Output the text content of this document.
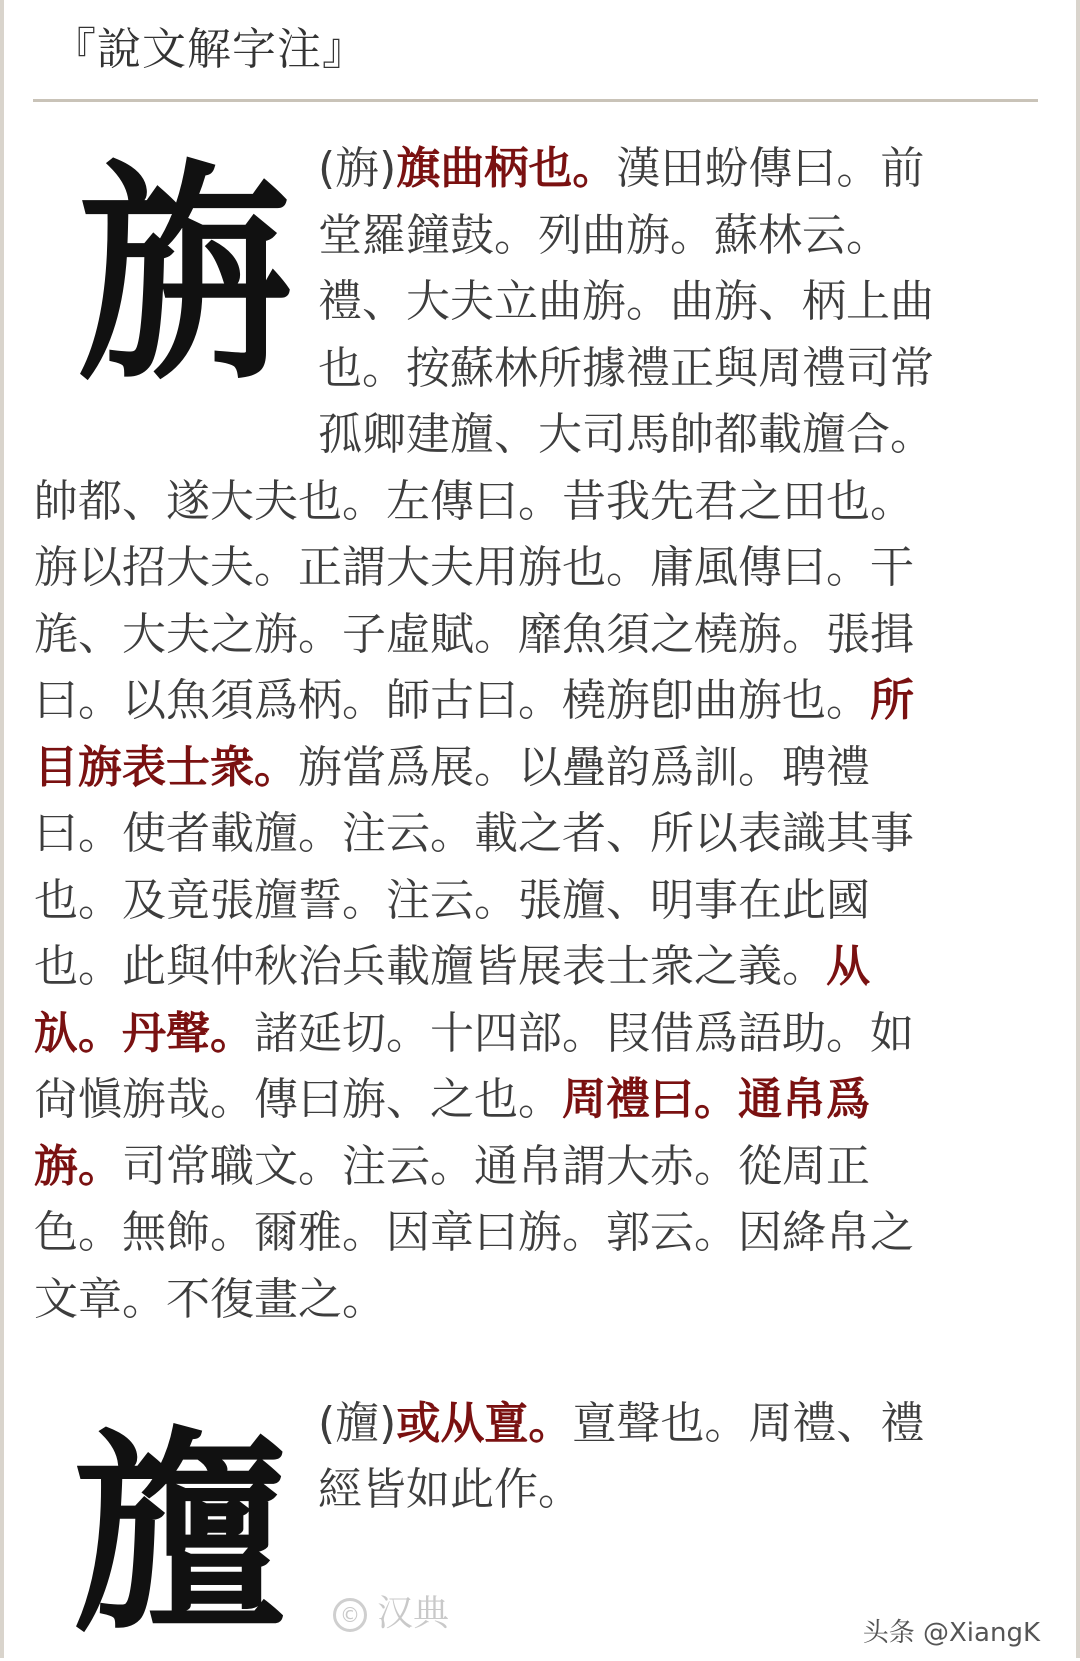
『說文解字注』
旃 (旃)旗曲柄也。漢田蚡傳曰。前
堂羅鐘鼓。列曲旃。蘇林云。
禮、大夫立曲旃。曲旃、柄上曲
也。按蘇林所據禮正與周禮司常
孤卿建旜、大司馬帥都載旜合。
帥都、遂大夫也。左傳曰。昔我先君之田也。
旃以招大夫。正謂大夫用旃也。庸風傳曰。干
旄、大夫之旃。子虛賦。靡魚須之橈旃。張揖
曰。以魚須爲柄。師古曰。橈旃卽曲旃也。所
目旃表士衆。旃當爲展。以疊韵爲訓。聘禮
曰。使者載旜。注云。載之者、所以表識其事
也。及竟張旜誓。注云。張旜、明事在此國
也。此與仲秋治兵載旜皆展表士衆之義。从
㫃。丹聲。諸延切。十四部。叚借爲語助。如
尙愼旃哉。傳曰旃、之也。周禮曰。通帛爲
旃。司常職文。注云。通帛謂大赤。從周正
色。無飾。爾雅。因章曰旃。郭云。因絳帛之
文章。不復畫之。
旜 (旜)或从亶。亶聲也。周禮、禮
經皆如此作。
© 汉典	头条 @XiangK
